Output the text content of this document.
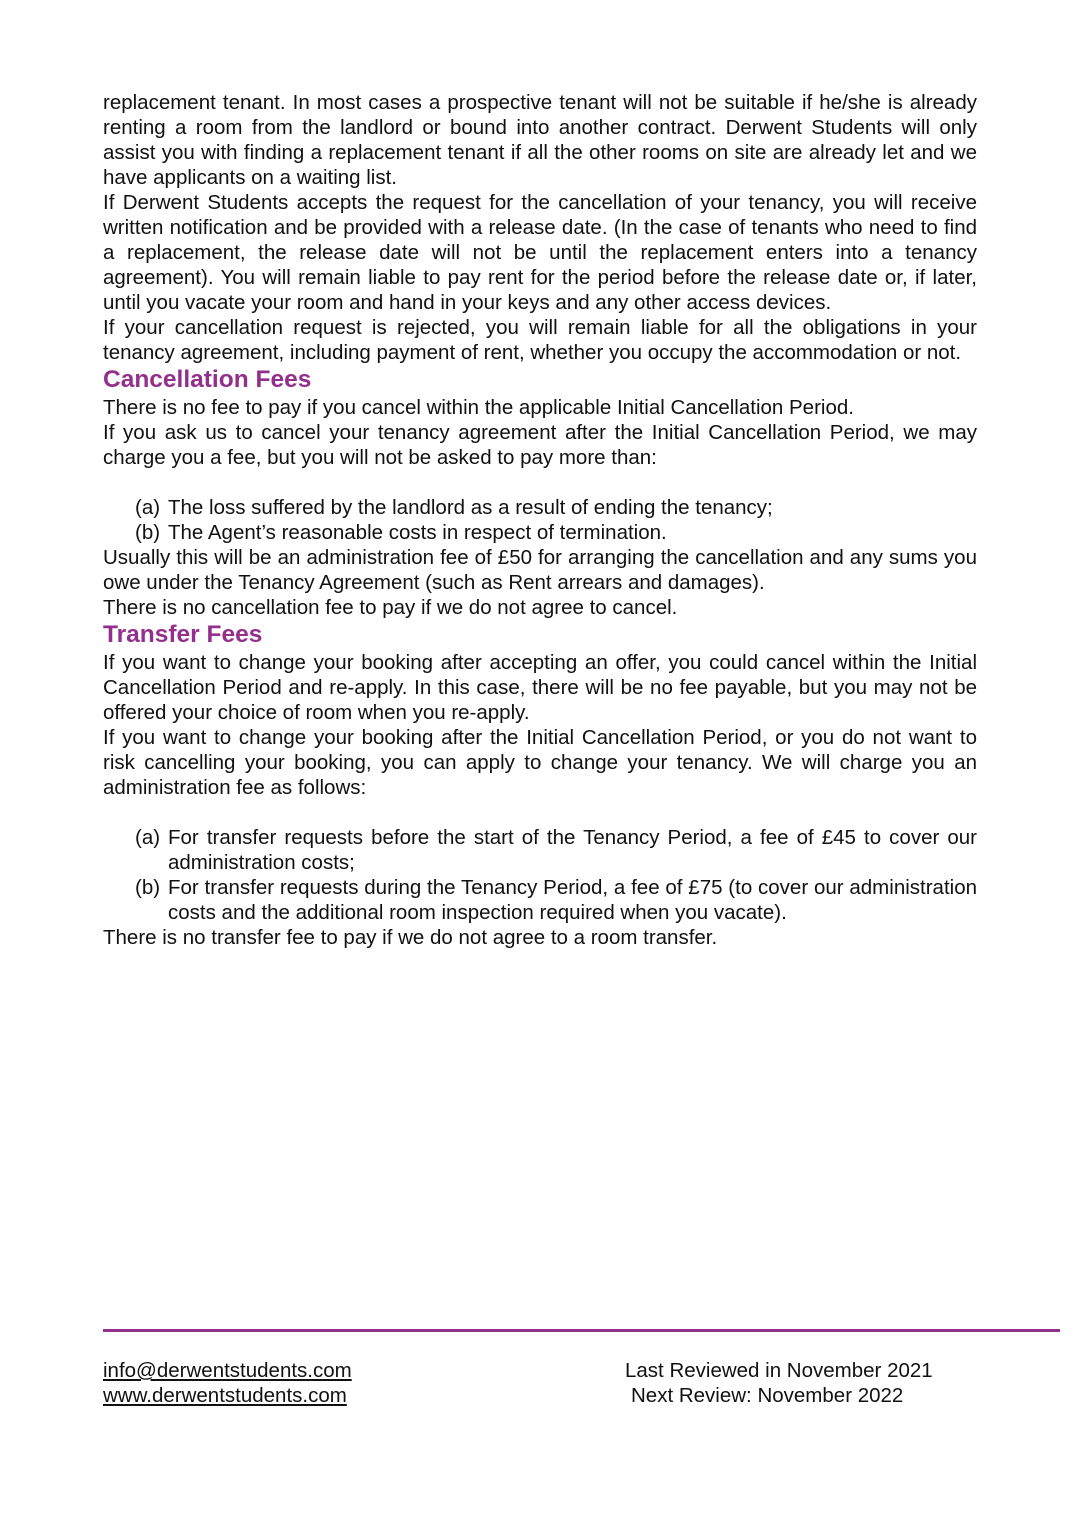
replacement tenant. In most cases a prospective tenant will not be suitable if he/she is already renting a room from the landlord or bound into another contract. Derwent Students will only assist you with finding a replacement tenant if all the other rooms on site are already let and we have applicants on a waiting list.

If Derwent Students accepts the request for the cancellation of your tenancy, you will receive written notification and be provided with a release date. (In the case of tenants who need to find a replacement, the release date will not be until the replacement enters into a tenancy agreement). You will remain liable to pay rent for the period before the release date or, if later, until you vacate your room and hand in your keys and any other access devices.

If your cancellation request is rejected, you will remain liable for all the obligations in your tenancy agreement, including payment of rent, whether you occupy the accommodation or not.

Cancellation Fees

There is no fee to pay if you cancel within the applicable Initial Cancellation Period.

If you ask us to cancel your tenancy agreement after the Initial Cancellation Period, we may charge you a fee, but you will not be asked to pay more than:

(a) The loss suffered by the landlord as a result of ending the tenancy;
(b) The Agent’s reasonable costs in respect of termination.

Usually this will be an administration fee of £50 for arranging the cancellation and any sums you owe under the Tenancy Agreement (such as Rent arrears and damages).

There is no cancellation fee to pay if we do not agree to cancel.

Transfer Fees

If you want to change your booking after accepting an offer, you could cancel within the Initial Cancellation Period and re-apply. In this case, there will be no fee payable, but you may not be offered your choice of room when you re-apply.

If you want to change your booking after the Initial Cancellation Period, or you do not want to risk cancelling your booking, you can apply to change your tenancy. We will charge you an administration fee as follows:

(a) For transfer requests before the start of the Tenancy Period, a fee of £45 to cover our administration costs;
(b) For transfer requests during the Tenancy Period, a fee of £75 (to cover our administration costs and the additional room inspection required when you vacate).

There is no transfer fee to pay if we do not agree to a room transfer.

info@derwentstudents.com
www.derwentstudents.com
Last Reviewed in November 2021
Next Review: November 2022
